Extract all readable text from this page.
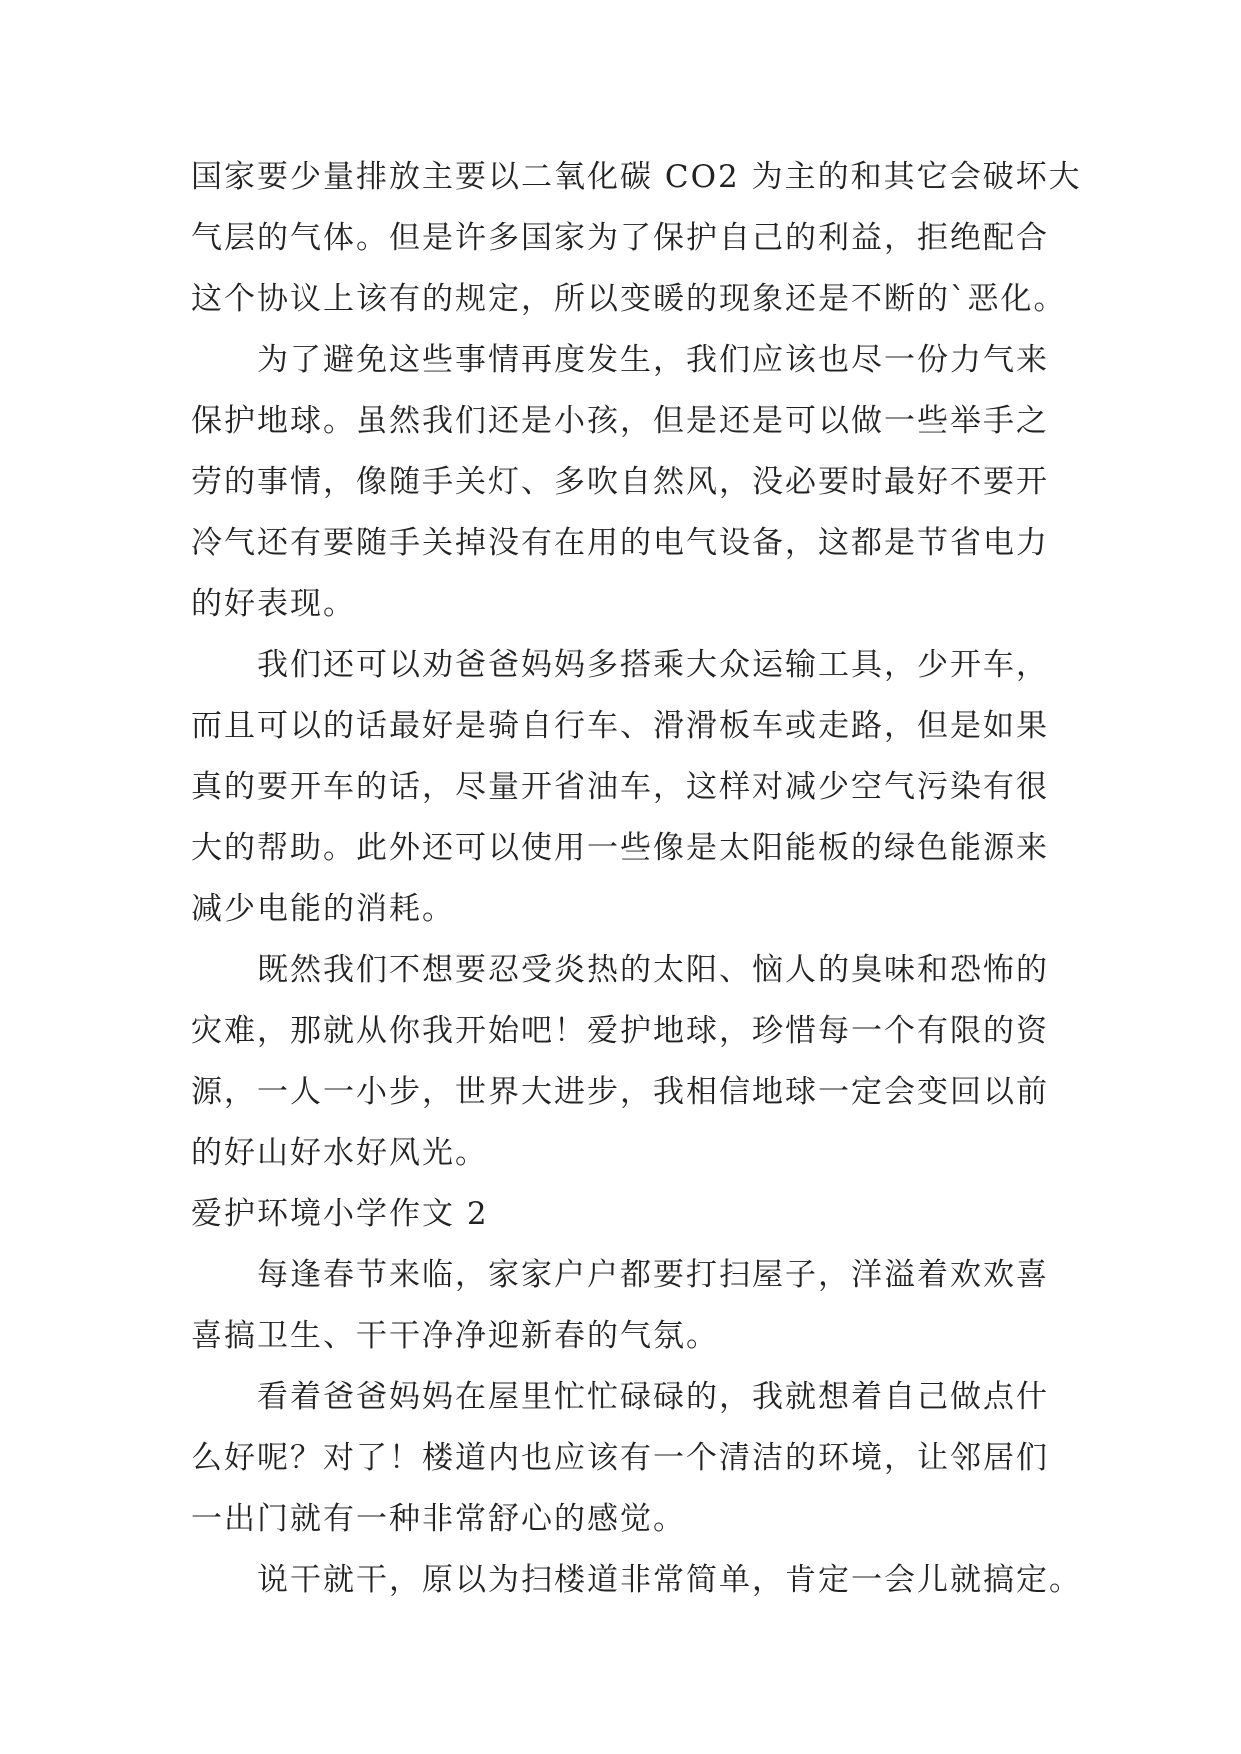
国家要少量排放主要以二氧化碳 CO2 为主的和其它会破坏大
气层的气体。但是许多国家为了保护自己的利益，拒绝配合
这个协议上该有的规定，所以变暖的现象还是不断的`恶化。
为了避免这些事情再度发生，我们应该也尽一份力气来
保护地球。虽然我们还是小孩，但是还是可以做一些举手之
劳的事情，像随手关灯、多吹自然风，没必要时最好不要开
冷气还有要随手关掉没有在用的电气设备，这都是节省电力
的好表现。
我们还可以劝爸爸妈妈多搭乘大众运输工具，少开车，
而且可以的话最好是骑自行车、滑滑板车或走路，但是如果
真的要开车的话，尽量开省油车，这样对减少空气污染有很
大的帮助。此外还可以使用一些像是太阳能板的绿色能源来
减少电能的消耗。
既然我们不想要忍受炎热的太阳、恼人的臭味和恐怖的
灾难，那就从你我开始吧！爱护地球，珍惜每一个有限的资
源，一人一小步，世界大进步，我相信地球一定会变回以前
的好山好水好风光。
爱护环境小学作文 2
每逢春节来临，家家户户都要打扫屋子，洋溢着欢欢喜
喜搞卫生、干干净净迎新春的气氛。
看着爸爸妈妈在屋里忙忙碌碌的，我就想着自己做点什
么好呢？对了！楼道内也应该有一个清洁的环境，让邻居们
一出门就有一种非常舒心的感觉。
说干就干，原以为扫楼道非常简单，肯定一会儿就搞定。
